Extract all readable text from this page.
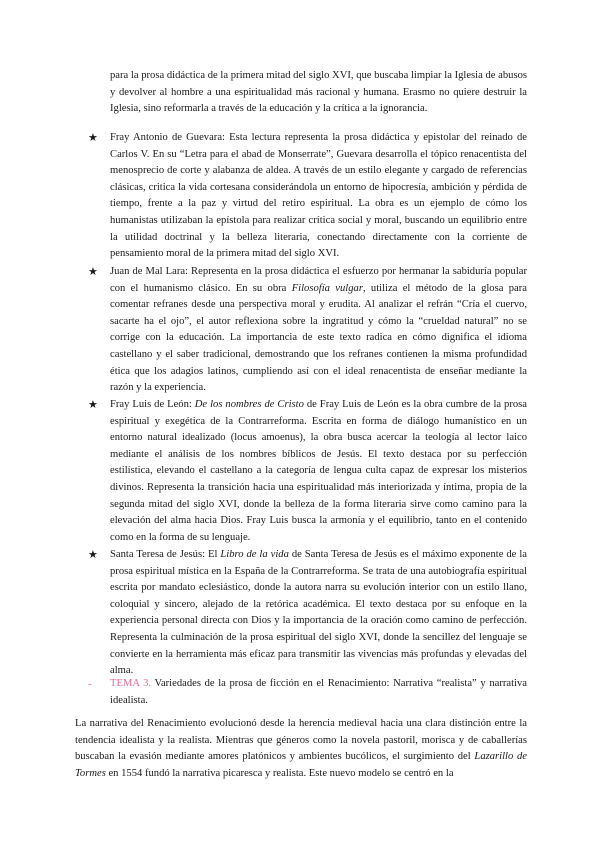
para la prosa didáctica de la primera mitad del siglo XVI, que buscaba limpiar la Iglesia de abusos y devolver al hombre a una espiritualidad más racional y humana. Erasmo no quiere destruir la Iglesia, sino reformarla a través de la educación y la crítica a la ignorancia.

★ Fray Antonio de Guevara: Esta lectura representa la prosa didáctica y epistolar del reinado de Carlos V. En su “Letra para el abad de Monserrate”, Guevara desarrolla el tópico renacentista del menosprecio de corte y alabanza de aldea. A través de un estilo elegante y cargado de referencias clásicas, critica la vida cortesana considerándola un entorno de hipocresía, ambición y pérdida de tiempo, frente a la paz y virtud del retiro espiritual. La obra es un ejemplo de cómo los humanistas utilizaban la epístola para realizar crítica social y moral, buscando un equilibrio entre la utilidad doctrinal y la belleza literaria, conectando directamente con la corriente de pensamiento moral de la primera mitad del siglo XVI.

★ Juan de Mal Lara: Representa en la prosa didáctica el esfuerzo por hermanar la sabiduría popular con el humanismo clásico. En su obra Filosofía vulgar, utiliza el método de la glosa para comentar refranes desde una perspectiva moral y erudita. Al analizar el refrán “Cría el cuervo, sacarte ha el ojo”, el autor reflexiona sobre la ingratitud y cómo la “crueldad natural” no se corrige con la educación. La importancia de este texto radica en cómo dignifica el idioma castellano y el saber tradicional, demostrando que los refranes contienen la misma profundidad ética que los adagios latinos, cumpliendo así con el ideal renacentista de enseñar mediante la razón y la experiencia.

★ Fray Luis de León: De los nombres de Cristo de Fray Luis de León es la obra cumbre de la prosa espiritual y exegética de la Contrarreforma. Escrita en forma de diálogo humanístico en un entorno natural idealizado (locus amoenus), la obra busca acercar la teología al lector laico mediante el análisis de los nombres bíblicos de Jesús. El texto destaca por su perfección estilística, elevando el castellano a la categoría de lengua culta capaz de expresar los misterios divinos. Representa la transición hacia una espiritualidad más interiorizada y íntima, propia de la segunda mitad del siglo XVI, donde la belleza de la forma literaria sirve como camino para la elevación del alma hacia Dios. Fray Luis busca la armonía y el equilibrio, tanto en el contenido como en la forma de su lenguaje.

★ Santa Teresa de Jesús: El Libro de la vida de Santa Teresa de Jesús es el máximo exponente de la prosa espiritual mística en la España de la Contrarreforma. Se trata de una autobiografía espiritual escrita por mandato eclesiástico, donde la autora narra su evolución interior con un estilo llano, coloquial y sincero, alejado de la retórica académica. El texto destaca por su enfoque en la experiencia personal directa con Dios y la importancia de la oración como camino de perfección. Representa la culminación de la prosa espiritual del siglo XVI, donde la sencillez del lenguaje se convierte en la herramienta más eficaz para transmitir las vivencias más profundas y elevadas del alma.

- TEMA 3. Variedades de la prosa de ficción en el Renacimiento: Narrativa “realista” y narrativa idealista.

La narrativa del Renacimiento evolucionó desde la herencia medieval hacia una clara distinción entre la tendencia idealista y la realista. Mientras que géneros como la novela pastoril, morisca y de caballerías buscaban la evasión mediante amores platónicos y ambientes bucólicos, el surgimiento del Lazarillo de Tormes en 1554 fundó la narrativa picaresca y realista. Este nuevo modelo se centró en la
